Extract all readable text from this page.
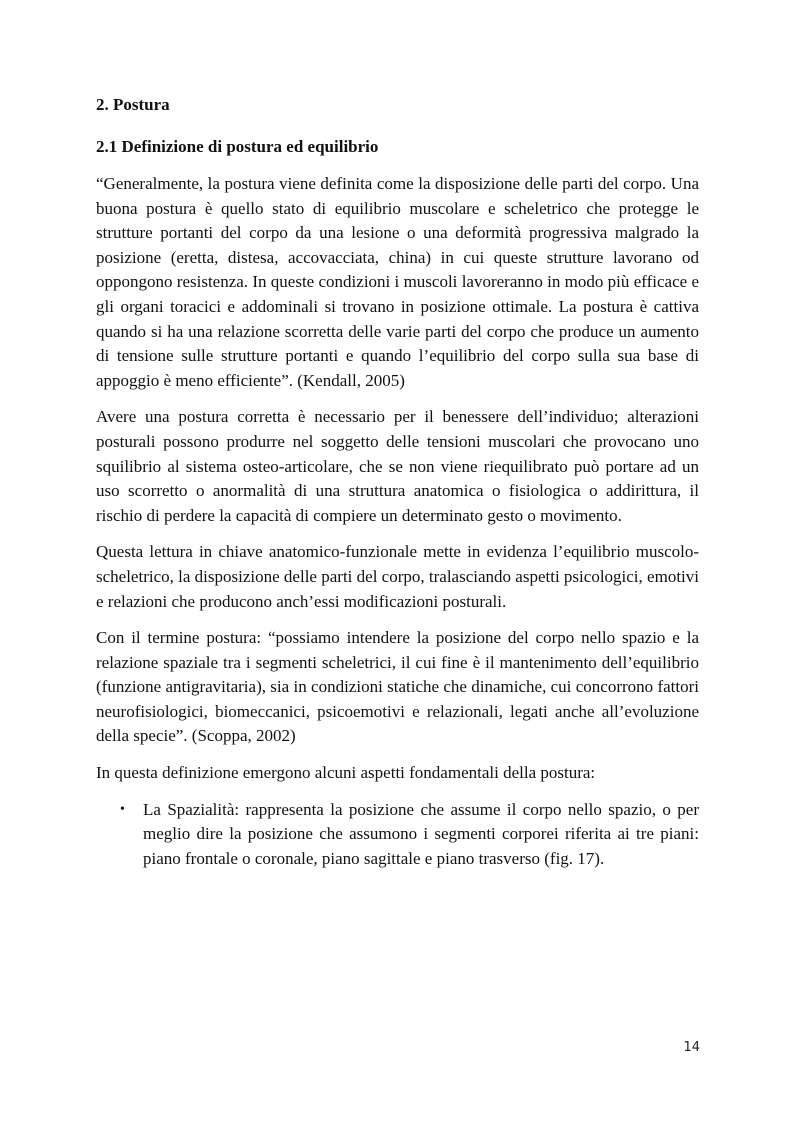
2. Postura
2.1 Definizione di postura ed equilibrio

“Generalmente, la postura viene definita come la disposizione delle parti del corpo. Una buona postura è quello stato di equilibrio muscolare e scheletrico che protegge le strutture portanti del corpo da una lesione o una deformità progressiva malgrado la posizione (eretta, distesa, accovacciata, china) in cui queste strutture lavorano od oppongono resistenza. In queste condizioni i muscoli lavoreranno in modo più efficace e gli organi toracici e addominali si trovano in posizione ottimale. La postura è cattiva quando si ha una relazione scorretta delle varie parti del corpo che produce un aumento di tensione sulle strutture portanti e quando l’equilibrio del corpo sulla sua base di appoggio è meno efficiente”. (Kendall, 2005)

Avere una postura corretta è necessario per il benessere dell’individuo; alterazioni posturali possono produrre nel soggetto delle tensioni muscolari che provocano uno squilibrio al sistema osteo-articolare, che se non viene riequilibrato può portare ad un uso scorretto o anormalità di una struttura anatomica o fisiologica o addirittura, il rischio di perdere la capacità di compiere un determinato gesto o movimento.

Questa lettura in chiave anatomico-funzionale mette in evidenza l’equilibrio muscolo-scheletrico, la disposizione delle parti del corpo, tralasciando aspetti psicologici, emotivi e relazioni che producono anch’essi modificazioni posturali.

Con il termine postura: “possiamo intendere la posizione del corpo nello spazio e la relazione spaziale tra i segmenti scheletrici, il cui fine è il mantenimento dell’equilibrio (funzione antigravitaria), sia in condizioni statiche che dinamiche, cui concorrono fattori neurofisiologici, biomeccanici, psicoemotivi e relazionali, legati anche all’evoluzione della specie”. (Scoppa, 2002)

In questa definizione emergono alcuni aspetti fondamentali della postura:

• La Spazialità: rappresenta la posizione che assume il corpo nello spazio, o per meglio dire la posizione che assumono i segmenti corporei riferita ai tre piani: piano frontale o coronale, piano sagittale e piano trasverso (fig. 17).
14
